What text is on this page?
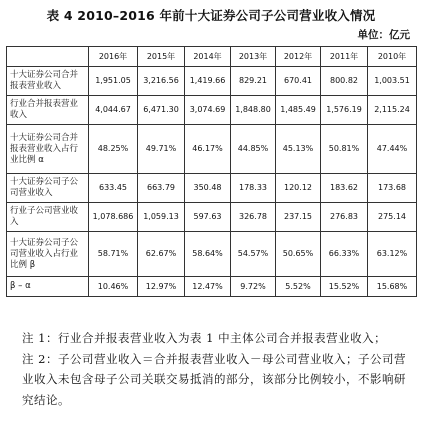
表 4 2010–2016 年前十大证券公司子公司营业收入情况
单位：亿元
	2016年	2015年	2014年	2013年	2012年	2011年	2010年
十大证券公司合并报表营业收入	1,951.05	3,216.56	1,419.66	829.21	670.41	800.82	1,003.51
行业合并报表营业收入	4,044.67	6,471.30	3,074.69	1,848.80	1,485.49	1,576.19	2,115.24
十大证券公司合并报表营业收入占行业比例 α	48.25%	49.71%	46.17%	44.85%	45.13%	50.81%	47.44%
十大证券公司子公司营业收入	633.45	663.79	350.48	178.33	120.12	183.62	173.68
行业子公司营业收入	1,078.686	1,059.13	597.63	326.78	237.15	276.83	275.14
十大证券公司子公司营业收入占行业比例 β	58.71%	62.67%	58.64%	54.57%	50.65%	66.33%	63.12%
β – α	10.46%	12.97%	12.47%	9.72%	5.52%	15.52%	15.68%

注 1：行业合并报表营业收入为表 1 中主体公司合并报表营业收入；

注 2：子公司营业收入＝合并报表营业收入－母公司营业收入；子公司营业收入未包含母子公司关联交易抵消的部分，该部分比例较小，不影响研究结论。
